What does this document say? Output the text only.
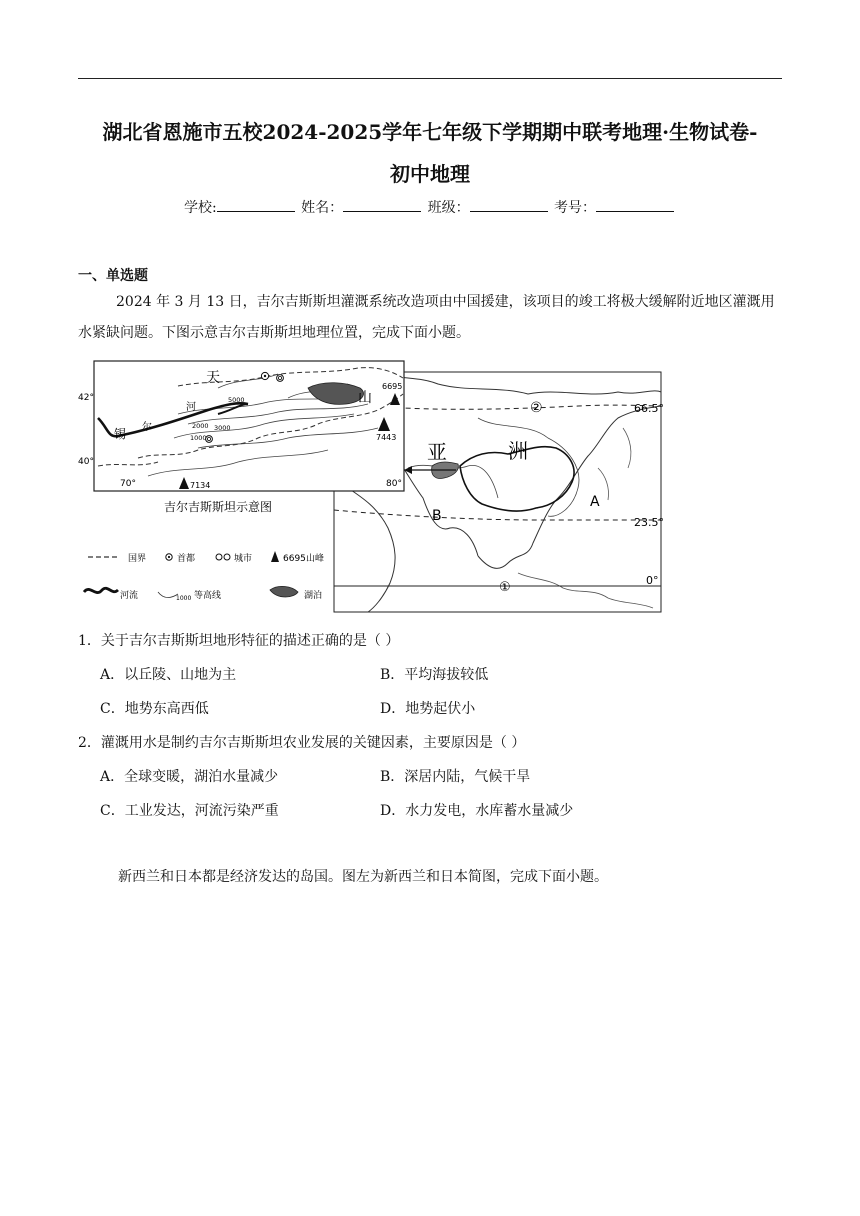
湖北省恩施市五校2024-2025学年七年级下学期期中联考地理·生物试卷-
初中地理
学校:	姓名：	班级：	考号：
一、单选题
2024 年 3 月 13 日，吉尔吉斯斯坦灌溉系统改造项由中国援建，该项目的竣工将极大缓解附近地区灌溉用水紧缺问题。下图示意吉尔吉斯斯坦地理位置，完成下面小题。
亚	洲
A
B
②
①
66.5°
23.5°
0°
6695
7443
7134
5000
3000
2000
1000
天
山
锡 尔
河
42°
40°
70°	80°
吉尔吉斯斯坦示意图
国界	首都	城市	6695 山峰
河流	1000 等高线	湖泊
1．关于吉尔吉斯斯坦地形特征的描述正确的是（ ）
A．以丘陵、山地为主	B．平均海拔较低
C．地势东高西低	D．地势起伏小
2．灌溉用水是制约吉尔吉斯斯坦农业发展的关键因素，主要原因是（ ）
A．全球变暖，湖泊水量减少	B．深居内陆，气候干旱
C．工业发达，河流污染严重	D．水力发电，水库蓄水量减少
新西兰和日本都是经济发达的岛国。图左为新西兰和日本简图，完成下面小题。
